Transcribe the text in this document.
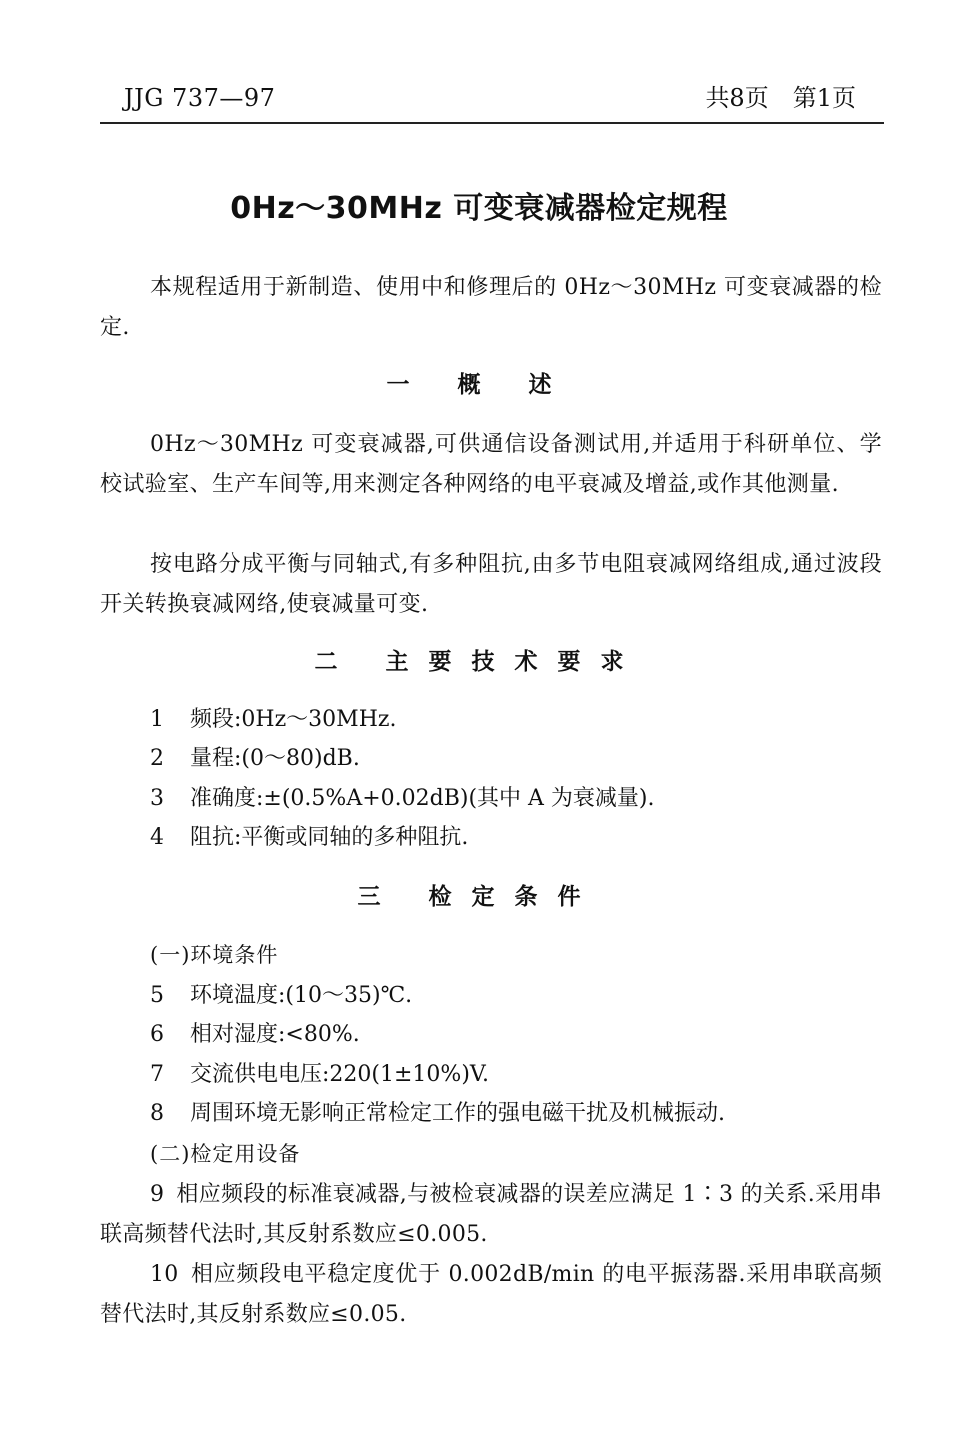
JJG 737—97	共8页 第1页
0Hz～30MHz 可变衰减器检定规程
本规程适用于新制造、使用中和修理后的 0Hz～30MHz 可变衰减器的检定.
一 概 述
0Hz～30MHz 可变衰减器,可供通信设备测试用,并适用于科研单位、学校试验室、生产车间等,用来测定各种网络的电平衰减及增益,或作其他测量.
按电路分成平衡与同轴式,有多种阻抗,由多节电阻衰减网络组成,通过波段开关转换衰减网络,使衰减量可变.
二 主要技术要求
1 频段:0Hz～30MHz.
2 量程:(0～80)dB.
3 准确度:±(0.5%A+0.02dB)(其中 A 为衰减量).
4 阻抗:平衡或同轴的多种阻抗.
三 检定条件
(一)环境条件
5 环境温度:(10～35)℃.
6 相对湿度:<80%.
7 交流供电电压:220(1±10%)V.
8 周围环境无影响正常检定工作的强电磁干扰及机械振动.
(二)检定用设备
9 相应频段的标准衰减器,与被检衰减器的误差应满足 1∶3 的关系.采用串联高频替代法时,其反射系数应≤0.005.
10 相应频段电平稳定度优于 0.002dB/min 的电平振荡器.采用串联高频替代法时,其反射系数应≤0.05.
